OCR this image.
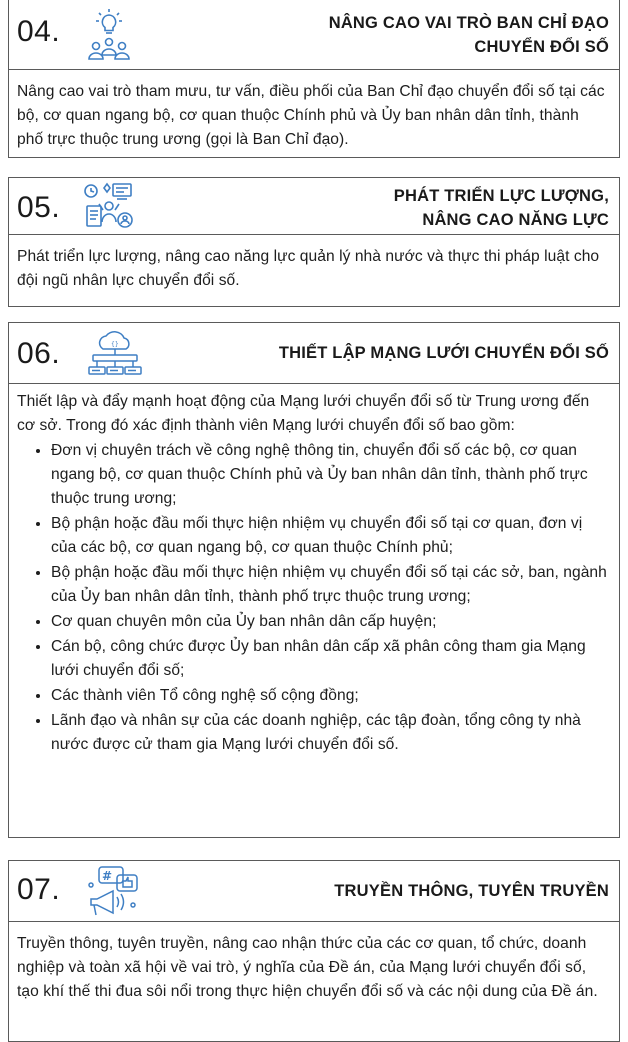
04.	NÂNG CAO VAI TRÒ BAN CHỈ ĐẠO
CHUYỂN ĐỔI SỐ
Nâng cao vai trò tham mưu, tư vấn, điều phối của Ban Chỉ đạo chuyển đổi số tại các bộ, cơ quan ngang bộ, cơ quan thuộc Chính phủ và Ủy ban nhân dân tỉnh, thành phố trực thuộc trung ương (gọi là Ban Chỉ đạo).
05.	PHÁT TRIỂN LỰC LƯỢNG,
NÂNG CAO NĂNG LỰC
Phát triển lực lượng, nâng cao năng lực quản lý nhà nước và thực thi pháp luật cho đội ngũ nhân lực chuyển đổi số.
06.	{}	THIẾT LẬP MẠNG LƯỚI CHUYỂN ĐỔI SỐ
Thiết lập và đẩy mạnh hoạt động của Mạng lưới chuyển đổi số từ Trung ương đến cơ sở. Trong đó xác định thành viên Mạng lưới chuyển đổi số bao gồm:
• Đơn vị chuyên trách về công nghệ thông tin, chuyển đổi số các bộ, cơ quan ngang bộ, cơ quan thuộc Chính phủ và Ủy ban nhân dân tỉnh, thành phố trực thuộc trung ương;
• Bộ phận hoặc đầu mối thực hiện nhiệm vụ chuyển đổi số tại cơ quan, đơn vị của các bộ, cơ quan ngang bộ, cơ quan thuộc Chính phủ;
• Bộ phận hoặc đầu mối thực hiện nhiệm vụ chuyển đổi số tại các sở, ban, ngành của Ủy ban nhân dân tỉnh, thành phố trực thuộc trung ương;
• Cơ quan chuyên môn của Ủy ban nhân dân cấp huyện;
• Cán bộ, công chức được Ủy ban nhân dân cấp xã phân công tham gia Mạng lưới chuyển đổi số;
• Các thành viên Tổ công nghệ số cộng đồng;
• Lãnh đạo và nhân sự của các doanh nghiệp, các tập đoàn, tổng công ty nhà nước được cử tham gia Mạng lưới chuyển đổi số.
07.	#
TRUYỀN THÔNG, TUYÊN TRUYỀN
Truyền thông, tuyên truyền, nâng cao nhận thức của các cơ quan, tổ chức, doanh nghiệp và toàn xã hội về vai trò, ý nghĩa của Đề án, của Mạng lưới chuyển đổi số, tạo khí thế thi đua sôi nổi trong thực hiện chuyển đổi số và các nội dung của Đề án.
